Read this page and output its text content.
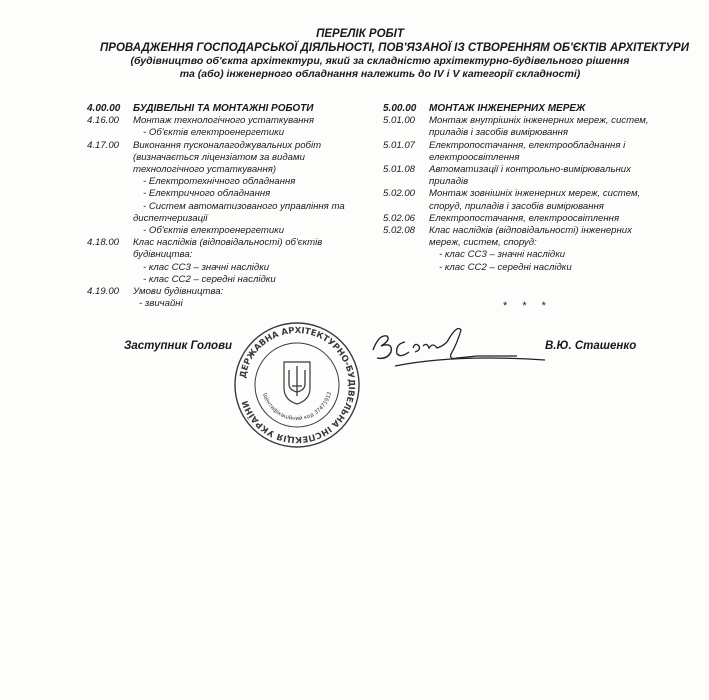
ПЕРЕЛІК РОБІТ
ПРОВАДЖЕННЯ ГОСПОДАРСЬКОЇ ДІЯЛЬНОСТІ, ПОВ'ЯЗАНОЇ ІЗ СТВОРЕННЯМ ОБ'ЄКТІВ АРХІТЕКТУРИ
(будівництво об'єкта архітектури, який за складністю архітектурно-будівельного рішення
та (або) інженерного обладнання належить до IV і V категорії складності)
4.00.00	БУДІВЕЛЬНІ ТА МОНТАЖНІ РОБОТИ
4.16.00	Монтаж технологічного устаткування
- Об'єктів електроенергетики
4.17.00	Виконання пусконалагоджувальних робіт (визначається ліцензіатом за видами технологічного устаткування)
- Електротехнічного обладнання
- Електричного обладнання
- Систем автоматизованого управління та диспетчеризації
- Об'єктів електроенергетики
4.18.00	Клас наслідків (відповідальності) об'єктів будівництва:
- клас СС3 – значні наслідки
- клас СС2 – середні наслідки
4.19.00	Умови будівництва:
- звичайні
5.00.00	МОНТАЖ ІНЖЕНЕРНИХ МЕРЕЖ
5.01.00	Монтаж внутрішніх інженерних мереж, систем, приладів і засобів вимірювання
5.01.07	Електропостачання, електрообладнання і електроосвітлення
5.01.08	Автоматизації і контрольно-вимірювальних приладів
5.02.00	Монтаж зовнішніх інженерних мереж, систем, споруд, приладів і засобів вимірювання
5.02.06	Електропостачання, електроосвітлення
5.02.08	Клас наслідків (відповідальності) інженерних мереж, систем, споруд:
- клас СС3 – значні наслідки
- клас СС2 – середні наслідки
* * *
Заступник Голови
ДЕРЖАВНА АРХІТЕКТУРНО-БУДІВЕЛЬНА ІНСПЕКЦІЯ УКРАЇНИ
Ідентифікаційний код 37471912
В.Ю. Сташенко
